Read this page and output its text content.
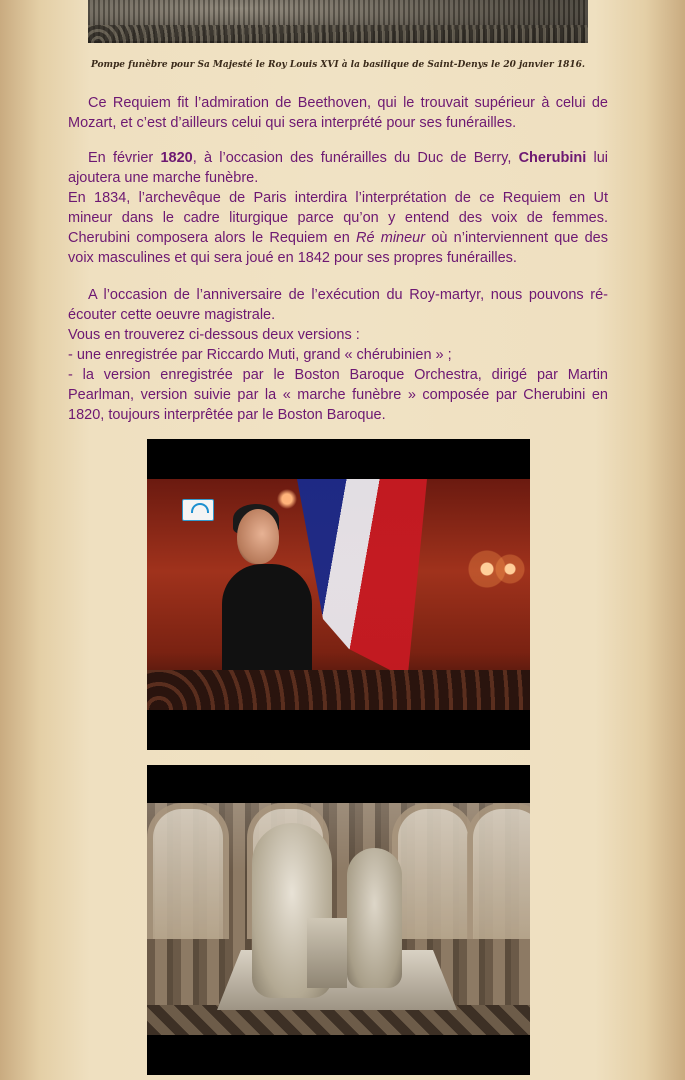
Pompe funèbre pour Sa Majesté le Roy Louis XVI à la basilique de Saint-Denys le 20 janvier 1816.

Ce Requiem fit l’admiration de Beethoven, qui le trouvait supérieur à celui de Mozart, et c’est d’ailleurs celui qui sera interprété pour ses funérailles.

En février 1820, à l’occasion des funérailles du Duc de Berry, Cherubini lui ajoutera une marche funèbre.

En 1834, l’archevêque de Paris interdira l’interprétation de ce Requiem en Ut mineur dans le cadre liturgique parce qu’on y entend des voix de femmes. Cherubini composera alors le Requiem en Ré mineur où n’interviennent que des voix masculines et qui sera joué en 1842 pour ses propres funérailles.

A l’occasion de l’anniversaire de l’exécution du Roy-martyr, nous pouvons ré-écouter cette oeuvre magistrale.

Vous en trouverez ci-dessous deux versions :

- une enregistrée par Riccardo Muti, grand « chérubinien » ;

- la version enregistrée par le Boston Baroque Orchestra, dirigé par Martin Pearlman, version suivie par la « marche funèbre » composée par Cherubini en 1820, toujours interprêtée par le Boston Baroque.
